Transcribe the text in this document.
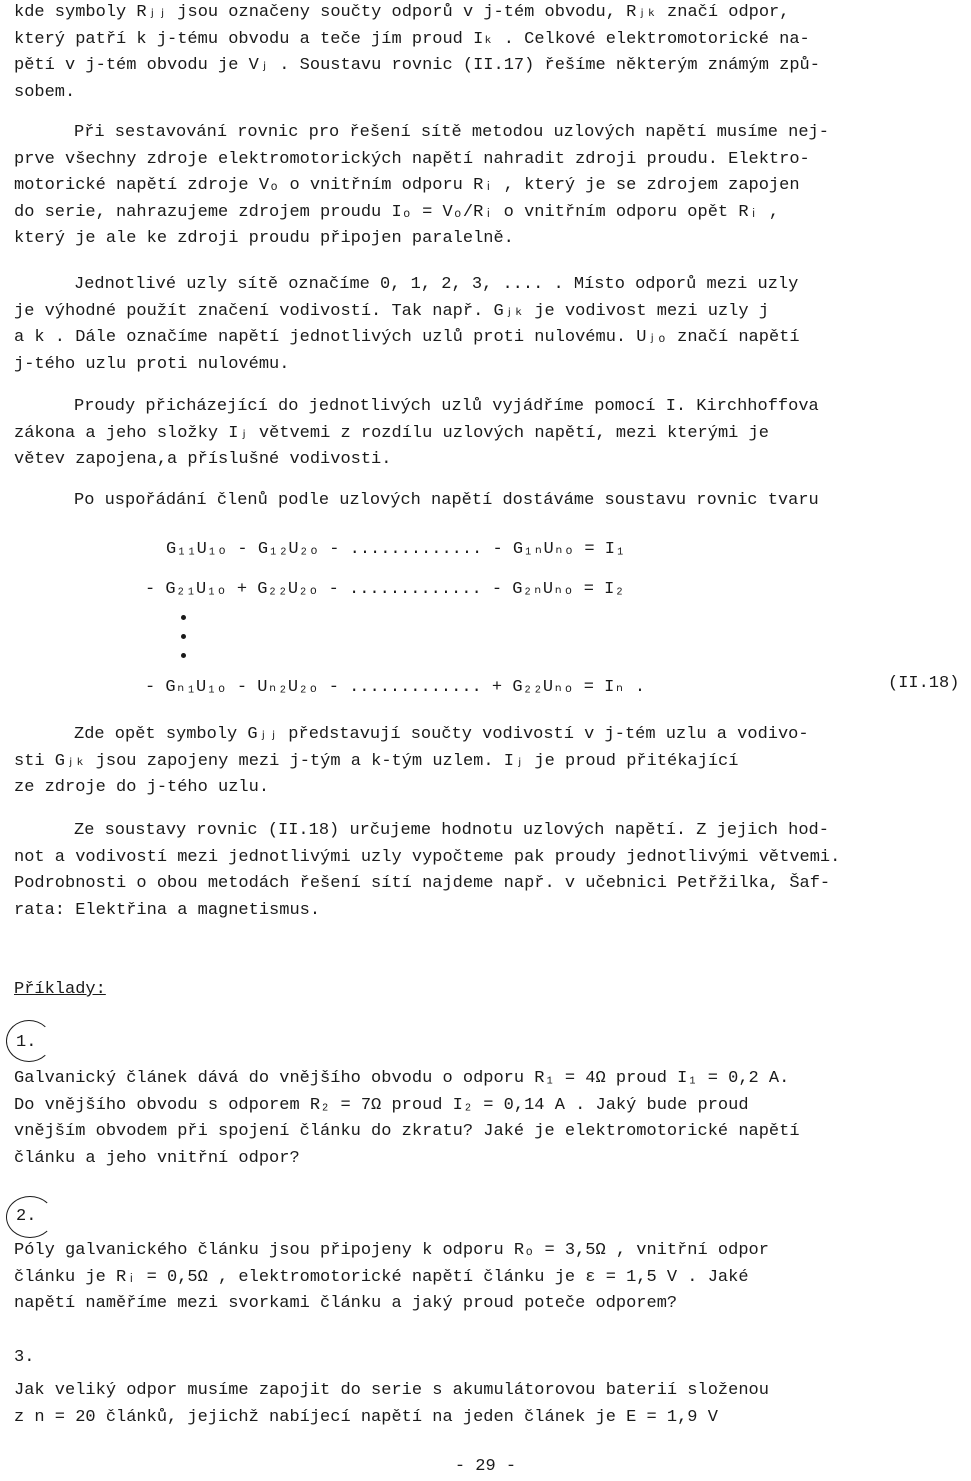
kde symboly Rⱼⱼ jsou označeny součty odporů v j-tém obvodu, Rⱼₖ značí odpor,
který patří k j-tému obvodu a teče jím proud Iₖ . Celkové elektromotorické na-
pětí v j-tém obvodu je Vⱼ . Soustavu rovnic (II.17) řešíme některým známým způ-
sobem.
Při sestavování rovnic pro řešení sítě metodou uzlových napětí musíme nej-
prve všechny zdroje elektromotorických napětí nahradit zdroji proudu. Elektro-
motorické napětí zdroje Vₒ o vnitřním odporu Rᵢ , který je se zdrojem zapojen
do serie, nahrazujeme zdrojem proudu Iₒ = Vₒ/Rᵢ o vnitřním odporu opět Rᵢ ,
který je ale ke zdroji proudu připojen paralelně.
Jednotlivé uzly sítě označíme 0, 1, 2, 3, .... . Místo odporů mezi uzly
je výhodné použít značení vodivostí. Tak např. Gⱼₖ je vodivost mezi uzly j
a k . Dále označíme napětí jednotlivých uzlů proti nulovému. Uⱼₒ značí napětí
j-tého uzlu proti nulovému.
Proudy přicházející do jednotlivých uzlů vyjádříme pomocí I. Kirchhoffova
zákona a jeho složky Iⱼ větvemi z rozdílu uzlových napětí, mezi kterými je
větev zapojena,a příslušné vodivosti.
Po uspořádání členů podle uzlových napětí dostáváme soustavu rovnic tvaru
G₁₁U₁ₒ - G₁₂U₂ₒ - ............. - G₁ₙUₙₒ = I₁
- G₂₁U₁ₒ + G₂₂U₂ₒ - ............. - G₂ₙUₙₒ = I₂
- Gₙ₁U₁ₒ - Uₙ₂U₂ₒ - ............. + G₂₂Uₙₒ = Iₙ .	(II.18)
Zde opět symboly Gⱼⱼ představují součty vodivostí v j-tém uzlu a vodivo-
sti Gⱼₖ jsou zapojeny mezi j-tým a k-tým uzlem. Iⱼ je proud přitékající
ze zdroje do j-tého uzlu.
Ze soustavy rovnic (II.18) určujeme hodnotu uzlových napětí. Z jejich hod-
not a vodivostí mezi jednotlivými uzly vypočteme pak proudy jednotlivými větvemi.
Podrobnosti o obou metodách řešení sítí najdeme např. v učebnici Petřžilka, Šaf-
rata: Elektřina a magnetismus.
Příklady:
1.
Galvanický článek dává do vnějšího obvodu o odporu R₁ = 4Ω proud I₁ = 0,2 A.
Do vnějšího obvodu s odporem R₂ = 7Ω proud I₂ = 0,14 A . Jaký bude proud
vnějším obvodem při spojení článku do zkratu? Jaké je elektromotorické napětí
článku a jeho vnitřní odpor?
2.
Póly galvanického článku jsou připojeny k odporu Rₒ = 3,5Ω , vnitřní odpor
článku je Rᵢ = 0,5Ω , elektromotorické napětí článku je ε = 1,5 V . Jaké
napětí naměříme mezi svorkami článku a jaký proud poteče odporem?
3.
Jak veliký odpor musíme zapojit do serie s akumulátorovou baterií složenou
z n = 20 článků, jejichž nabíjecí napětí na jeden článek je E = 1,9 V
- 29 -
